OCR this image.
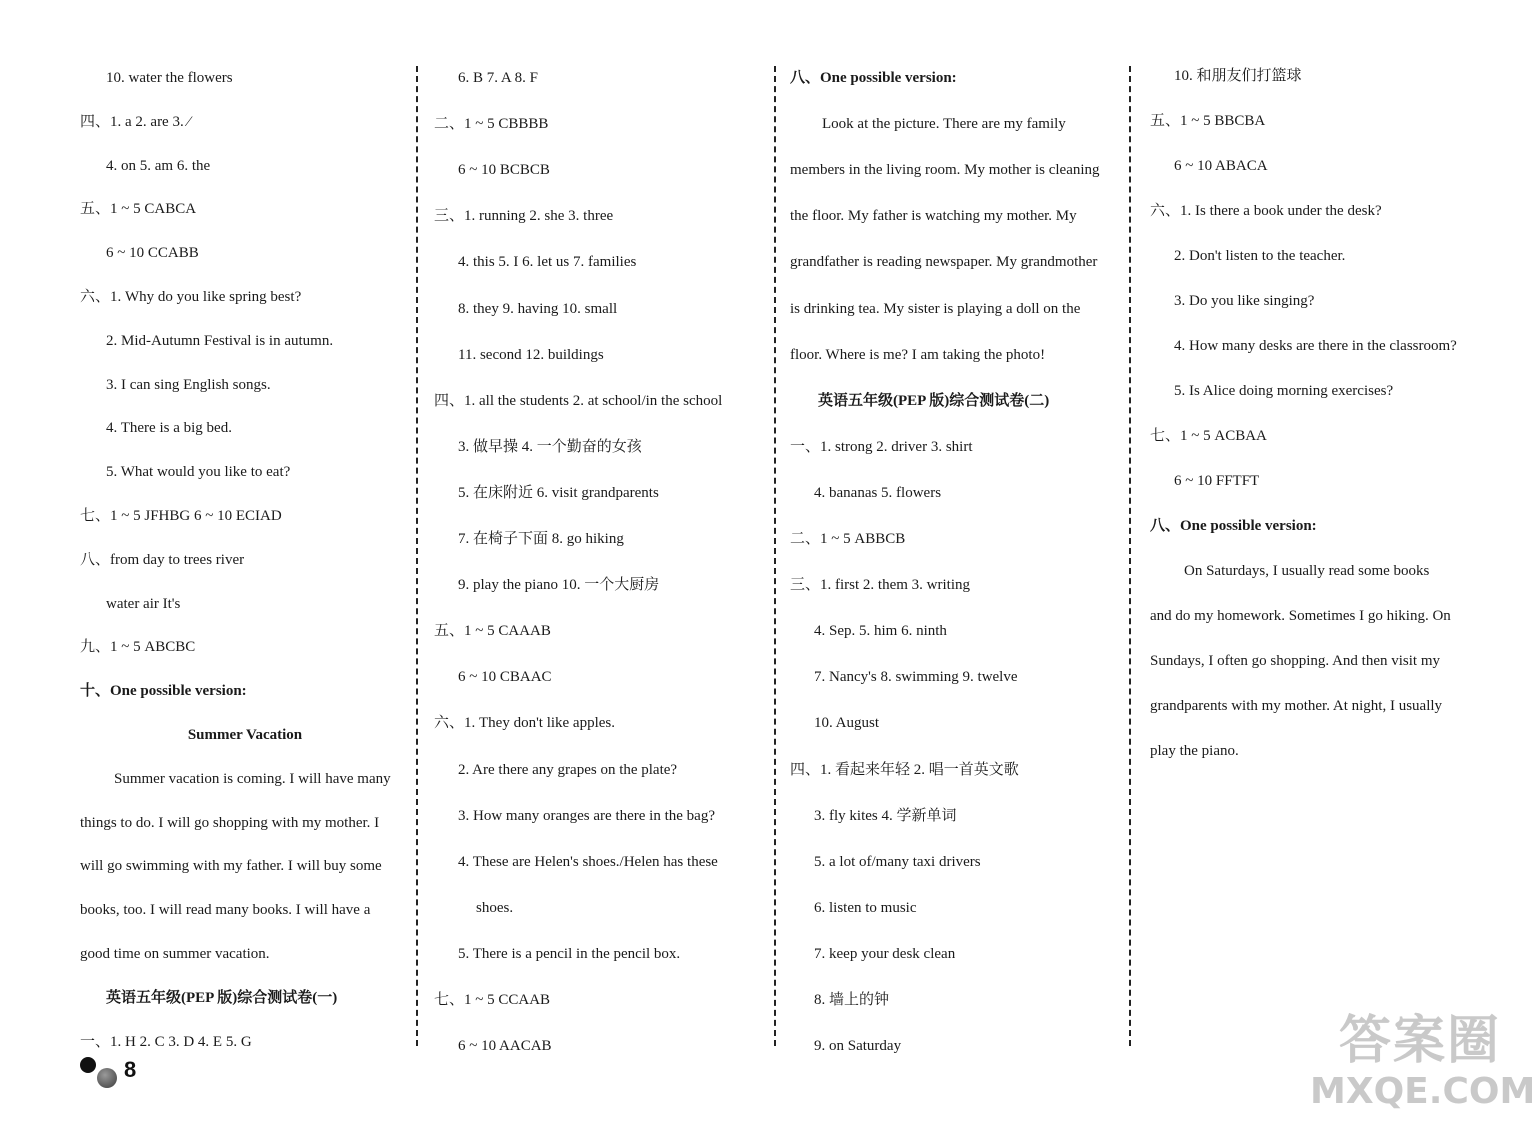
10. water the flowers
四、1. a 2. are 3. ⁄
4. on 5. am 6. the
五、1 ~ 5 CABCA
6 ~ 10 CCABB
六、1. Why do you like spring best?
2. Mid-Autumn Festival is in autumn.
3. I can sing English songs.
4. There is a big bed.
5. What would you like to eat?
七、1 ~ 5 JFHBG 6 ~ 10 ECIAD
八、from day to trees river
water air It's
九、1 ~ 5 ABCBC
十、One possible version:
Summer Vacation
Summer vacation is coming. I will have many
things to do. I will go shopping with my mother. I
will go swimming with my father. I will buy some
books, too. I will read many books. I will have a
good time on summer vacation.
英语五年级(PEP 版)综合测试卷(一)
一、1. H 2. C 3. D 4. E 5. G
6. B 7. A 8. F
二、1 ~ 5 CBBBB
6 ~ 10 BCBCB
三、1. running 2. she 3. three
4. this 5. I 6. let us 7. families
8. they 9. having 10. small
11. second 12. buildings
四、1. all the students 2. at school/in the school
3. 做早操 4. 一个勤奋的女孩
5. 在床附近 6. visit grandparents
7. 在椅子下面 8. go hiking
9. play the piano 10. 一个大厨房
五、1 ~ 5 CAAAB
6 ~ 10 CBAAC
六、1. They don't like apples.
2. Are there any grapes on the plate?
3. How many oranges are there in the bag?
4. These are Helen's shoes./Helen has these
shoes.
5. There is a pencil in the pencil box.
七、1 ~ 5 CCAAB
6 ~ 10 AACAB
八、One possible version:
Look at the picture. There are my family
members in the living room. My mother is cleaning
the floor. My father is watching my mother. My
grandfather is reading newspaper. My grandmother
is drinking tea. My sister is playing a doll on the
floor. Where is me? I am taking the photo!
英语五年级(PEP 版)综合测试卷(二)
一、1. strong 2. driver 3. shirt
4. bananas 5. flowers
二、1 ~ 5 ABBCB
三、1. first 2. them 3. writing
4. Sep. 5. him 6. ninth
7. Nancy's 8. swimming 9. twelve
10. August
四、1. 看起来年轻 2. 唱一首英文歌
3. fly kites 4. 学新单词
5. a lot of/many taxi drivers
6. listen to music
7. keep your desk clean
8. 墙上的钟
9. on Saturday
10. 和朋友们打篮球
五、1 ~ 5 BBCBA
6 ~ 10 ABACA
六、1. Is there a book under the desk?
2. Don't listen to the teacher.
3. Do you like singing?
4. How many desks are there in the classroom?
5. Is Alice doing morning exercises?
七、1 ~ 5 ACBAA
6 ~ 10 FFTFT
八、One possible version:
On Saturdays, I usually read some books
and do my homework. Sometimes I go hiking. On
Sundays, I often go shopping. And then visit my
grandparents with my mother. At night, I usually
play the piano.
8	答案圈
MXQE.COM
